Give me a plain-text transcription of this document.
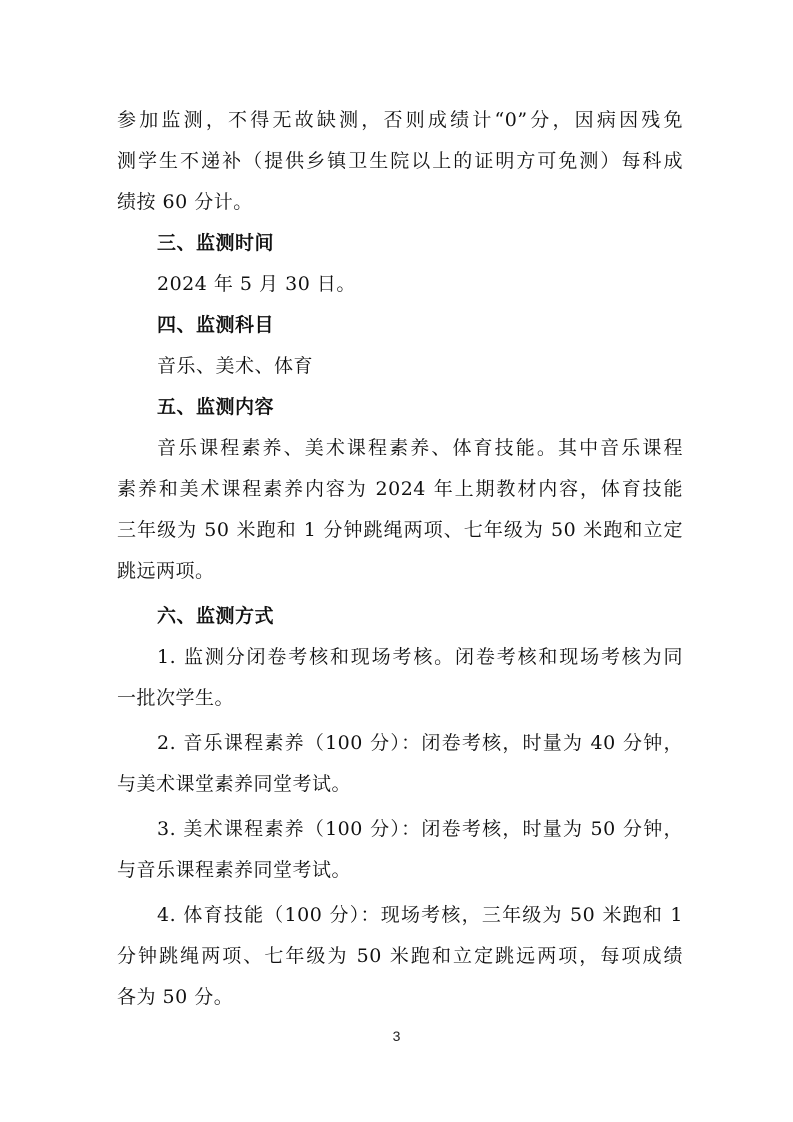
参加监测，不得无故缺测，否则成绩计“0”分，因病因残免
测学生不递补（提供乡镇卫生院以上的证明方可免测）每科成
绩按 60 分计。
三、监测时间
2024 年 5 月 30 日。
四、监测科目
音乐、美术、体育
五、监测内容
音乐课程素养、美术课程素养、体育技能。其中音乐课程
素养和美术课程素养内容为 2024 年上期教材内容，体育技能
三年级为 50 米跑和 1 分钟跳绳两项、七年级为 50 米跑和立定
跳远两项。
六、监测方式
1. 监测分闭卷考核和现场考核。闭卷考核和现场考核为同
一批次学生。
2. 音乐课程素养（100 分）：闭卷考核，时量为 40 分钟，
与美术课堂素养同堂考试。
3. 美术课程素养（100 分）：闭卷考核，时量为 50 分钟，
与音乐课程素养同堂考试。
4. 体育技能（100 分）：现场考核，三年级为 50 米跑和 1
分钟跳绳两项、七年级为 50 米跑和立定跳远两项，每项成绩
各为 50 分。
3
